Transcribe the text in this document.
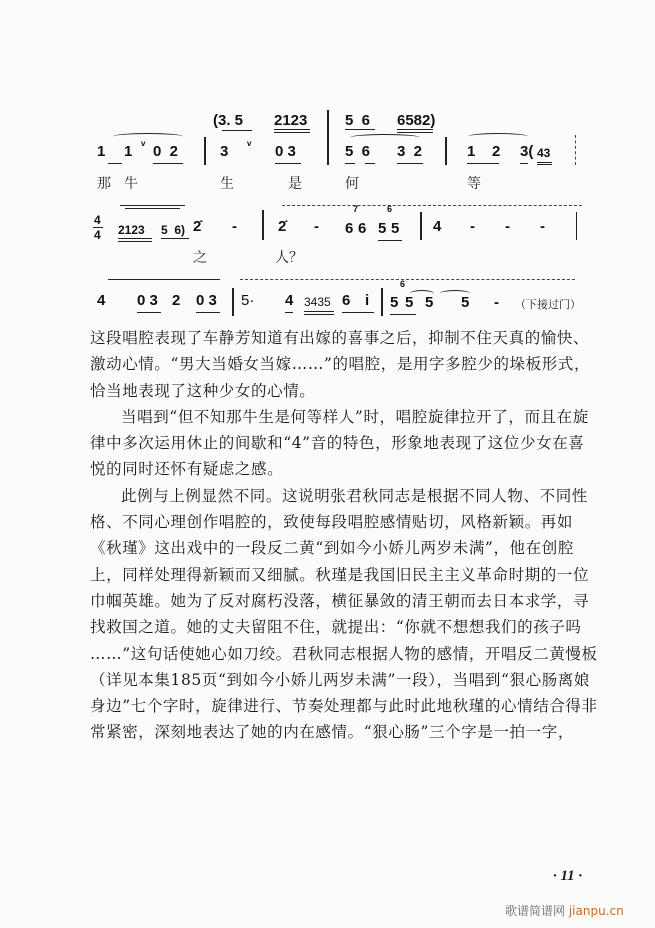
(3. 5 2123	5  6 6582)
1 1 ᵛ 0  2	3 ᵛ 0 3	5  6 3  2	1 2 3( 43
那 牛	生	是	何	等
4
4 2123 5  6) 2̇ -	2̇ -
7
6 6
6
5 5 4 - - -
之	人？
4 0 3 2 0 3 5· 4 3435 6 i
6
5 5 5 5 - （下接过门）

这段唱腔表现了车静芳知道有出嫁的喜事之后，抑制不住天真的愉快、激动心情。“男大当婚女当嫁……”的唱腔，是用字多腔少的垛板形式，恰当地表现了这种少女的心情。

当唱到“但不知那牛生是何等样人”时，唱腔旋律拉开了，而且在旋律中多次运用休止的间歇和“4”音的特色，形象地表现了这位少女在喜悦的同时还怀有疑虑之感。

此例与上例显然不同。这说明张君秋同志是根据不同人物、不同性格、不同心理创作唱腔的，致使每段唱腔感情贴切，风格新颖。再如《秋瑾》这出戏中的一段反二黄“到如今小娇儿两岁未满”，他在创腔上，同样处理得新颖而又细腻。秋瑾是我国旧民主主义革命时期的一位巾帼英雄。她为了反对腐朽没落，横征暴敛的清王朝而去日本求学，寻找救国之道。她的丈夫留阻不住，就提出：“你就不想想我们的孩子吗 ……”这句话使她心如刀绞。君秋同志根据人物的感情，开唱反二黄慢板（详见本集185页“到如今小娇儿两岁未满”一段），当唱到“狠心肠离娘身边”七个字时，旋律进行、节奏处理都与此时此地秋瑾的心情结合得非常紧密，深刻地表达了她的内在感情。“狠心肠”三个字是一拍一字，

· 11 ·
歌谱简谱网 jianpu.cn
